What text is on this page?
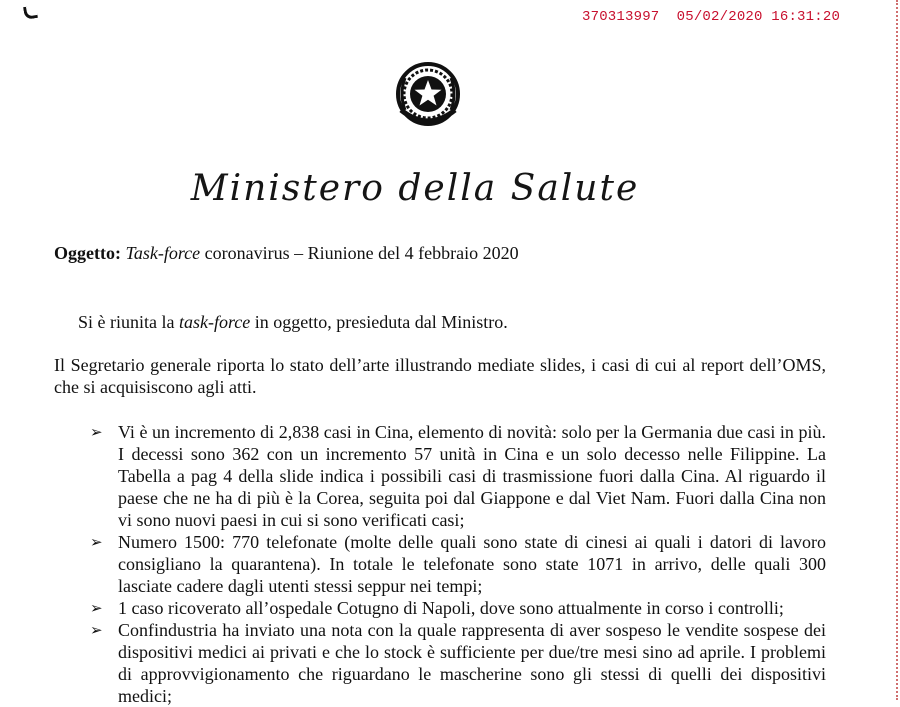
370313997 05/02/2020 16:31:20
Ministero della Salute
Oggetto: Task-force coronavirus – Riunione del 4 febbraio 2020
Si è riunita la task-force in oggetto, presieduta dal Ministro.
Il Segretario generale riporta lo stato dell’arte illustrando mediate slides, i casi di cui al report dell’OMS, che si acquisiscono agli atti.
➢ Vi è un incremento di 2,838 casi in Cina, elemento di novità: solo per la Germania due casi in più. I decessi sono 362 con un incremento 57 unità in Cina e un solo decesso nelle Filippine. La Tabella a pag 4 della slide indica i possibili casi di trasmissione fuori dalla Cina. Al riguardo il paese che ne ha di più è la Corea, seguita poi dal Giappone e dal Viet Nam. Fuori dalla Cina non vi sono nuovi paesi in cui si sono verificati casi;
➢ Numero 1500: 770 telefonate (molte delle quali sono state di cinesi ai quali i datori di lavoro consigliano la quarantena). In totale le telefonate sono state 1071 in arrivo, delle quali 300 lasciate cadere dagli utenti stessi seppur nei tempi;
➢ 1 caso ricoverato all’ospedale Cotugno di Napoli, dove sono attualmente in corso i controlli;
➢ Confindustria ha inviato una nota con la quale rappresenta di aver sospeso le vendite sospese dei dispositivi medici ai privati e che lo stock è sufficiente per due/tre mesi sino ad aprile. I problemi di approvvigionamento che riguardano le mascherine sono gli stessi di quelli dei dispositivi medici;
